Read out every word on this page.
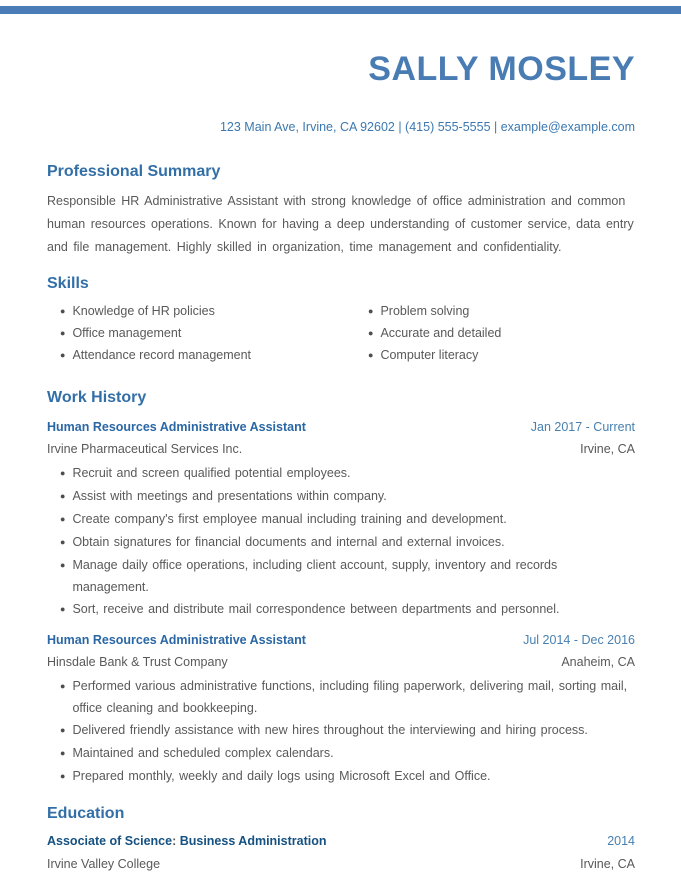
SALLY MOSLEY
123 Main Ave, Irvine, CA 92602 | (415) 555-5555 | example@example.com
Professional Summary
Responsible HR Administrative Assistant with strong knowledge of office administration and common human resources operations. Known for having a deep understanding of customer service, data entry and file management. Highly skilled in organization, time management and confidentiality.
Skills
● Knowledge of HR policies
● Office management
● Attendance record management
● Problem solving
● Accurate and detailed
● Computer literacy
Work History
Human Resources Administrative Assistant	Jan 2017 - Current
Irvine Pharmaceutical Services Inc.	Irvine, CA
● Recruit and screen qualified potential employees.
● Assist with meetings and presentations within company.
● Create company's first employee manual including training and development.
● Obtain signatures for financial documents and internal and external invoices.
● Manage daily office operations, including client account, supply, inventory and records management.
● Sort, receive and distribute mail correspondence between departments and personnel.
Human Resources Administrative Assistant	Jul 2014 - Dec 2016
Hinsdale Bank & Trust Company	Anaheim, CA
● Performed various administrative functions, including filing paperwork, delivering mail, sorting mail, office cleaning and bookkeeping.
● Delivered friendly assistance with new hires throughout the interviewing and hiring process.
● Maintained and scheduled complex calendars.
● Prepared monthly, weekly and daily logs using Microsoft Excel and Office.
Education
Associate of Science: Business Administration	2014
Irvine Valley College	Irvine, CA
